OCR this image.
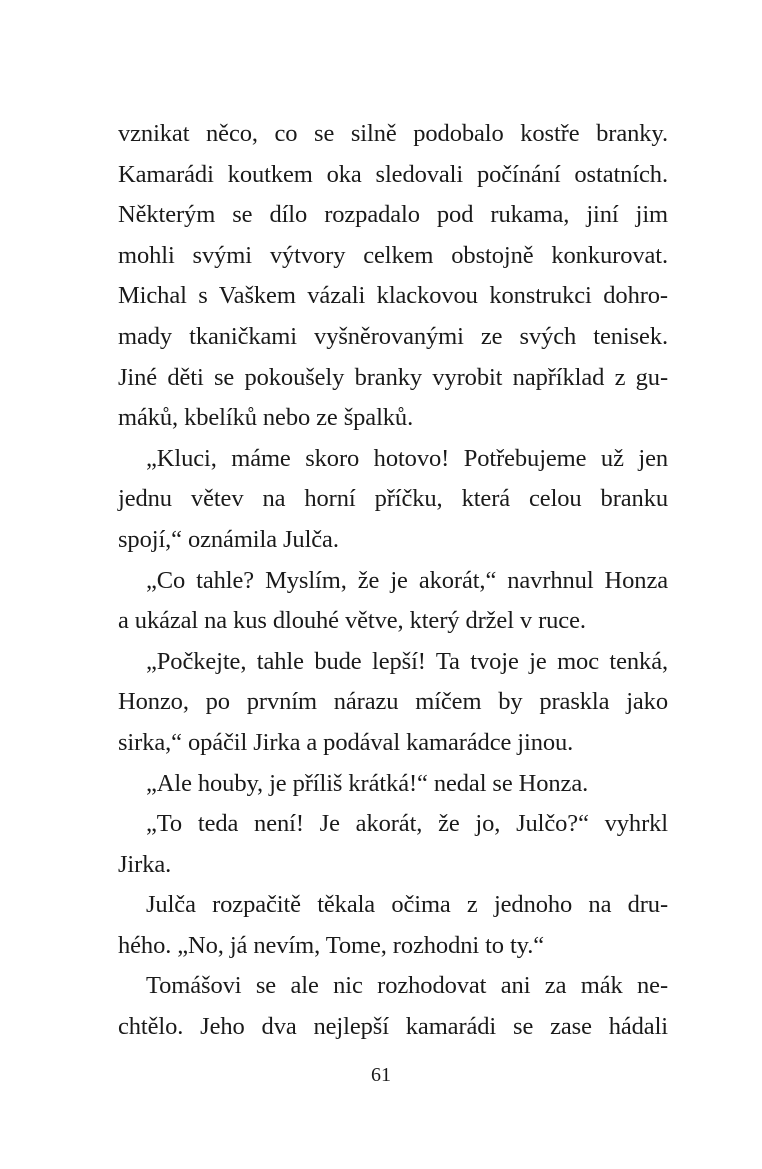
vznikat něco, co se silně podobalo kostře branky.
Kamarádi koutkem oka sledovali počínání ostatních.
Některým se dílo rozpadalo pod rukama, jiní jim
mohli svými výtvory celkem obstojně konkurovat.
Michal s Vaškem vázali klackovou konstrukci dohro-
mady tkaničkami vyšněrovanými ze svých tenisek.
Jiné děti se pokoušely branky vyrobit například z gu-
máků, kbelíků nebo ze špalků.
„Kluci, máme skoro hotovo! Potřebujeme už jen
jednu větev na horní příčku, která celou branku
spojí,“ oznámila Julča.
„Co tahle? Myslím, že je akorát,“ navrhnul Honza
a ukázal na kus dlouhé větve, který držel v ruce.
„Počkejte, tahle bude lepší! Ta tvoje je moc tenká,
Honzo, po prvním nárazu míčem by praskla jako
sirka,“ opáčil Jirka a podával kamarádce jinou.
„Ale houby, je příliš krátká!“ nedal se Honza.
„To teda není! Je akorát, že jo, Julčo?“ vyhrkl
Jirka.
Julča rozpačitě těkala očima z jednoho na dru-
hého. „No, já nevím, Tome, rozhodni to ty.“
Tomášovi se ale nic rozhodovat ani za mák ne-
chtělo. Jeho dva nejlepší kamarádi se zase hádali
61
